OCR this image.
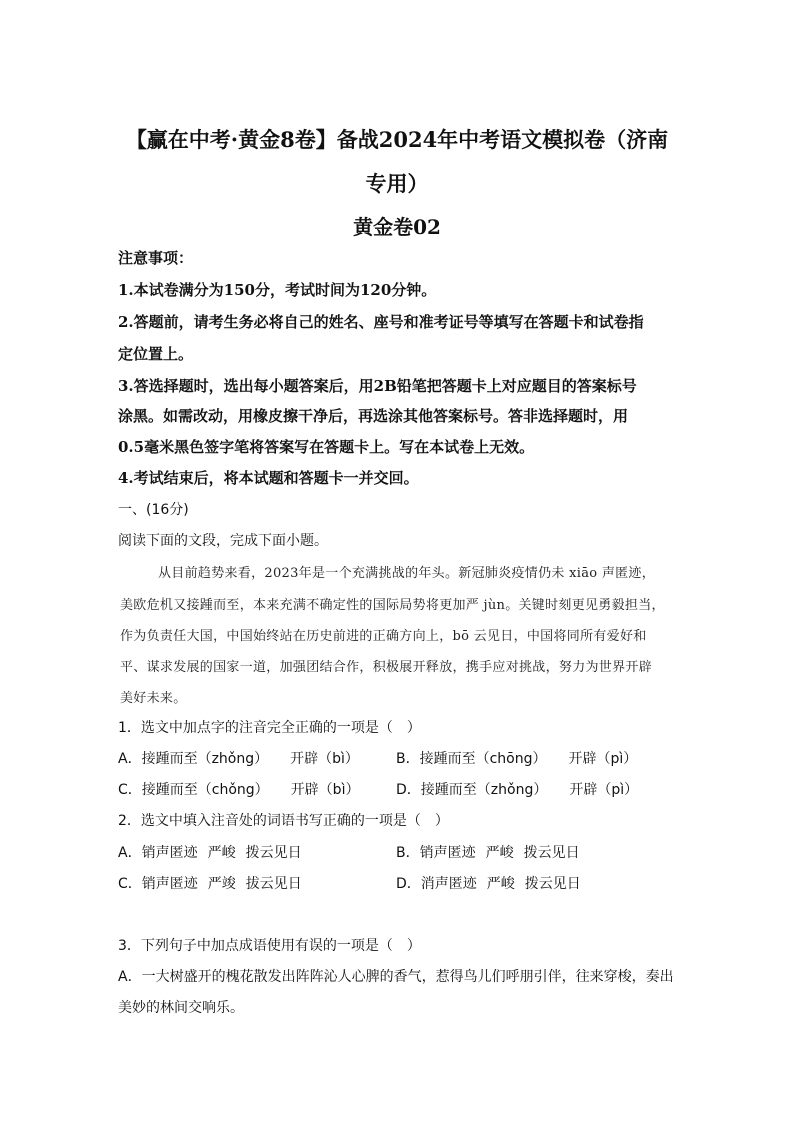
【赢在中考·黄金8卷】备战2024年中考语文模拟卷（济南
专用）
黄金卷02
注意事项：
1.本试卷满分为150分，考试时间为120分钟。
2.答题前，请考生务必将自己的姓名、座号和准考证号等填写在答题卡和试卷指
定位置上。
3.答选择题时，选出每小题答案后，用2B铅笔把答题卡上对应题目的答案标号
涂黑。如需改动，用橡皮擦干净后，再选涂其他答案标号。答非选择题时，用
0.5毫米黑色签字笔将答案写在答题卡上。写在本试卷上无效。
4.考试结束后，将本试题和答题卡一并交回。
一、(16分)
阅读下面的文段，完成下面小题。
从目前趋势来看，2023年是一个充满挑战的年头。新冠肺炎疫情仍未 xiāo 声匿迹，
美欧危机又接踵而至，本来充满不确定性的国际局势将更加严 jùn。关键时刻更见勇毅担当，
作为负责任大国，中国始终站在历史前进的正确方向上，bō 云见日，中国将同所有爱好和
平、谋求发展的国家一道，加强团结合作，积极展开释放，携手应对挑战，努力为世界开辟
美好未来。
1．选文中加点字的注音完全正确的一项是（　）
A．接踵而至（zhǒng） 开辟（bì）	B．接踵而至（chōng） 开辟（pì）
C．接踵而至（chǒng） 开辟（bì）	D．接踵而至（zhǒng） 开辟（pì）
2．选文中填入注音处的词语书写正确的一项是（　）
A．销声匿迹 严峻 拨云见日	B．销声匿迹 严峻 拨云见日
C．销声匿迹 严竣 拔云见日	D．消声匿迹 严峻 拨云见日
3．下列句子中加点成语使用有误的一项是（　）
A．一大树盛开的槐花散发出阵阵沁人心脾的香气，惹得鸟儿们呼朋引伴，往来穿梭，奏出
美妙的林间交响乐。
